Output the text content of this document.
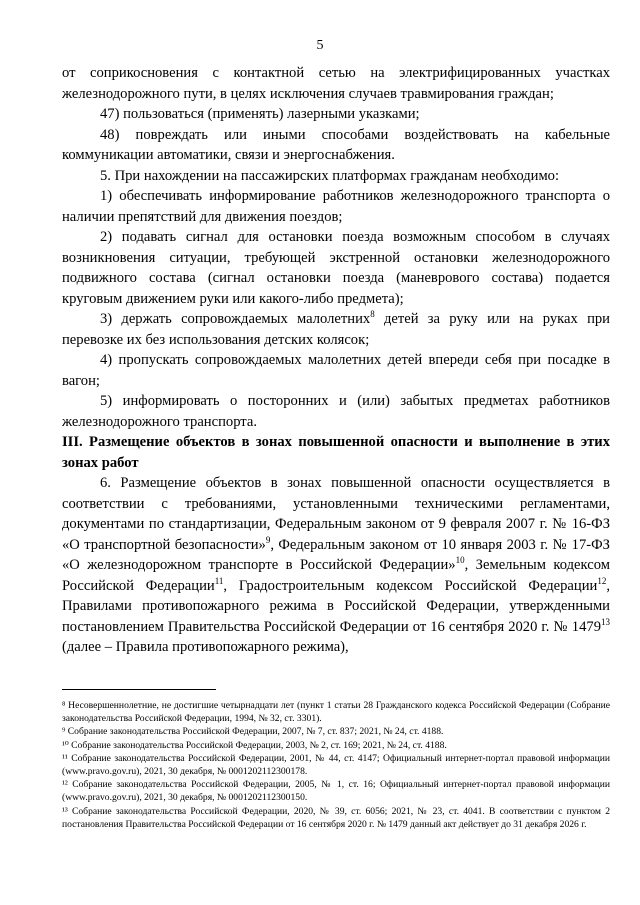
5

от соприкосновения с контактной сетью на электрифицированных участках железнодорожного пути, в целях исключения случаев травмирования граждан;

47) пользоваться (применять) лазерными указками;

48) повреждать или иными способами воздействовать на кабельные коммуникации автоматики, связи и энергоснабжения.

5. При нахождении на пассажирских платформах гражданам необходимо:

1) обеспечивать информирование работников железнодорожного транспорта о наличии препятствий для движения поездов;

2) подавать сигнал для остановки поезда возможным способом в случаях возникновения ситуации, требующей экстренной остановки железнодорожного подвижного состава (сигнал остановки поезда (маневрового состава) подается круговым движением руки или какого-либо предмета);

3) держать сопровождаемых малолетних$^8$ детей за руку или на руках при перевозке их без использования детских колясок;

4) пропускать сопровождаемых малолетних детей впереди себя при посадке в вагон;

5) информировать о посторонних и (или) забытых предметах работников железнодорожного транспорта.

III. Размещение объектов в зонах повышенной опасности и выполнение в этих зонах работ

6. Размещение объектов в зонах повышенной опасности осуществляется в соответствии с требованиями, установленными техническими регламентами, документами по стандартизации, Федеральным законом от 9 февраля 2007 г. № 16-ФЗ «О транспортной безопасности»$^9$, Федеральным законом от 10 января 2003 г. № 17-ФЗ «О железнодорожном транспорте в Российской Федерации»$^{10}$, Земельным кодексом Российской Федерации$^{11}$, Градостроительным кодексом Российской Федерации$^{12}$, Правилами противопожарного режима в Российской Федерации, утвержденными постановлением Правительства Российской Федерации от 16 сентября 2020 г. № 1479$^{13}$ (далее – Правила противопожарного режима),

⁸ Несовершеннолетние, не достигшие четырнадцати лет (пункт 1 статьи 28 Гражданского кодекса Российской Федерации (Собрание законодательства Российской Федерации, 1994, № 32, ст. 3301).

⁹ Собрание законодательства Российской Федерации, 2007, № 7, ст. 837; 2021, № 24, ст. 4188.

¹⁰ Собрание законодательства Российской Федерации, 2003, № 2, ст. 169; 2021, № 24, ст. 4188.

¹¹ Собрание законодательства Российской Федерации, 2001, № 44, ст. 4147; Официальный интернет-портал правовой информации (www.pravo.gov.ru), 2021, 30 декабря, № 0001202112300178.

¹² Собрание законодательства Российской Федерации, 2005, № 1, ст. 16; Официальный интернет-портал правовой информации (www.pravo.gov.ru), 2021, 30 декабря, № 0001202112300150.

¹³ Собрание законодательства Российской Федерации, 2020, № 39, ст. 6056; 2021, № 23, ст. 4041. В соответствии с пунктом 2 постановления Правительства Российской Федерации от 16 сентября 2020 г. № 1479 данный акт действует до 31 декабря 2026 г.
